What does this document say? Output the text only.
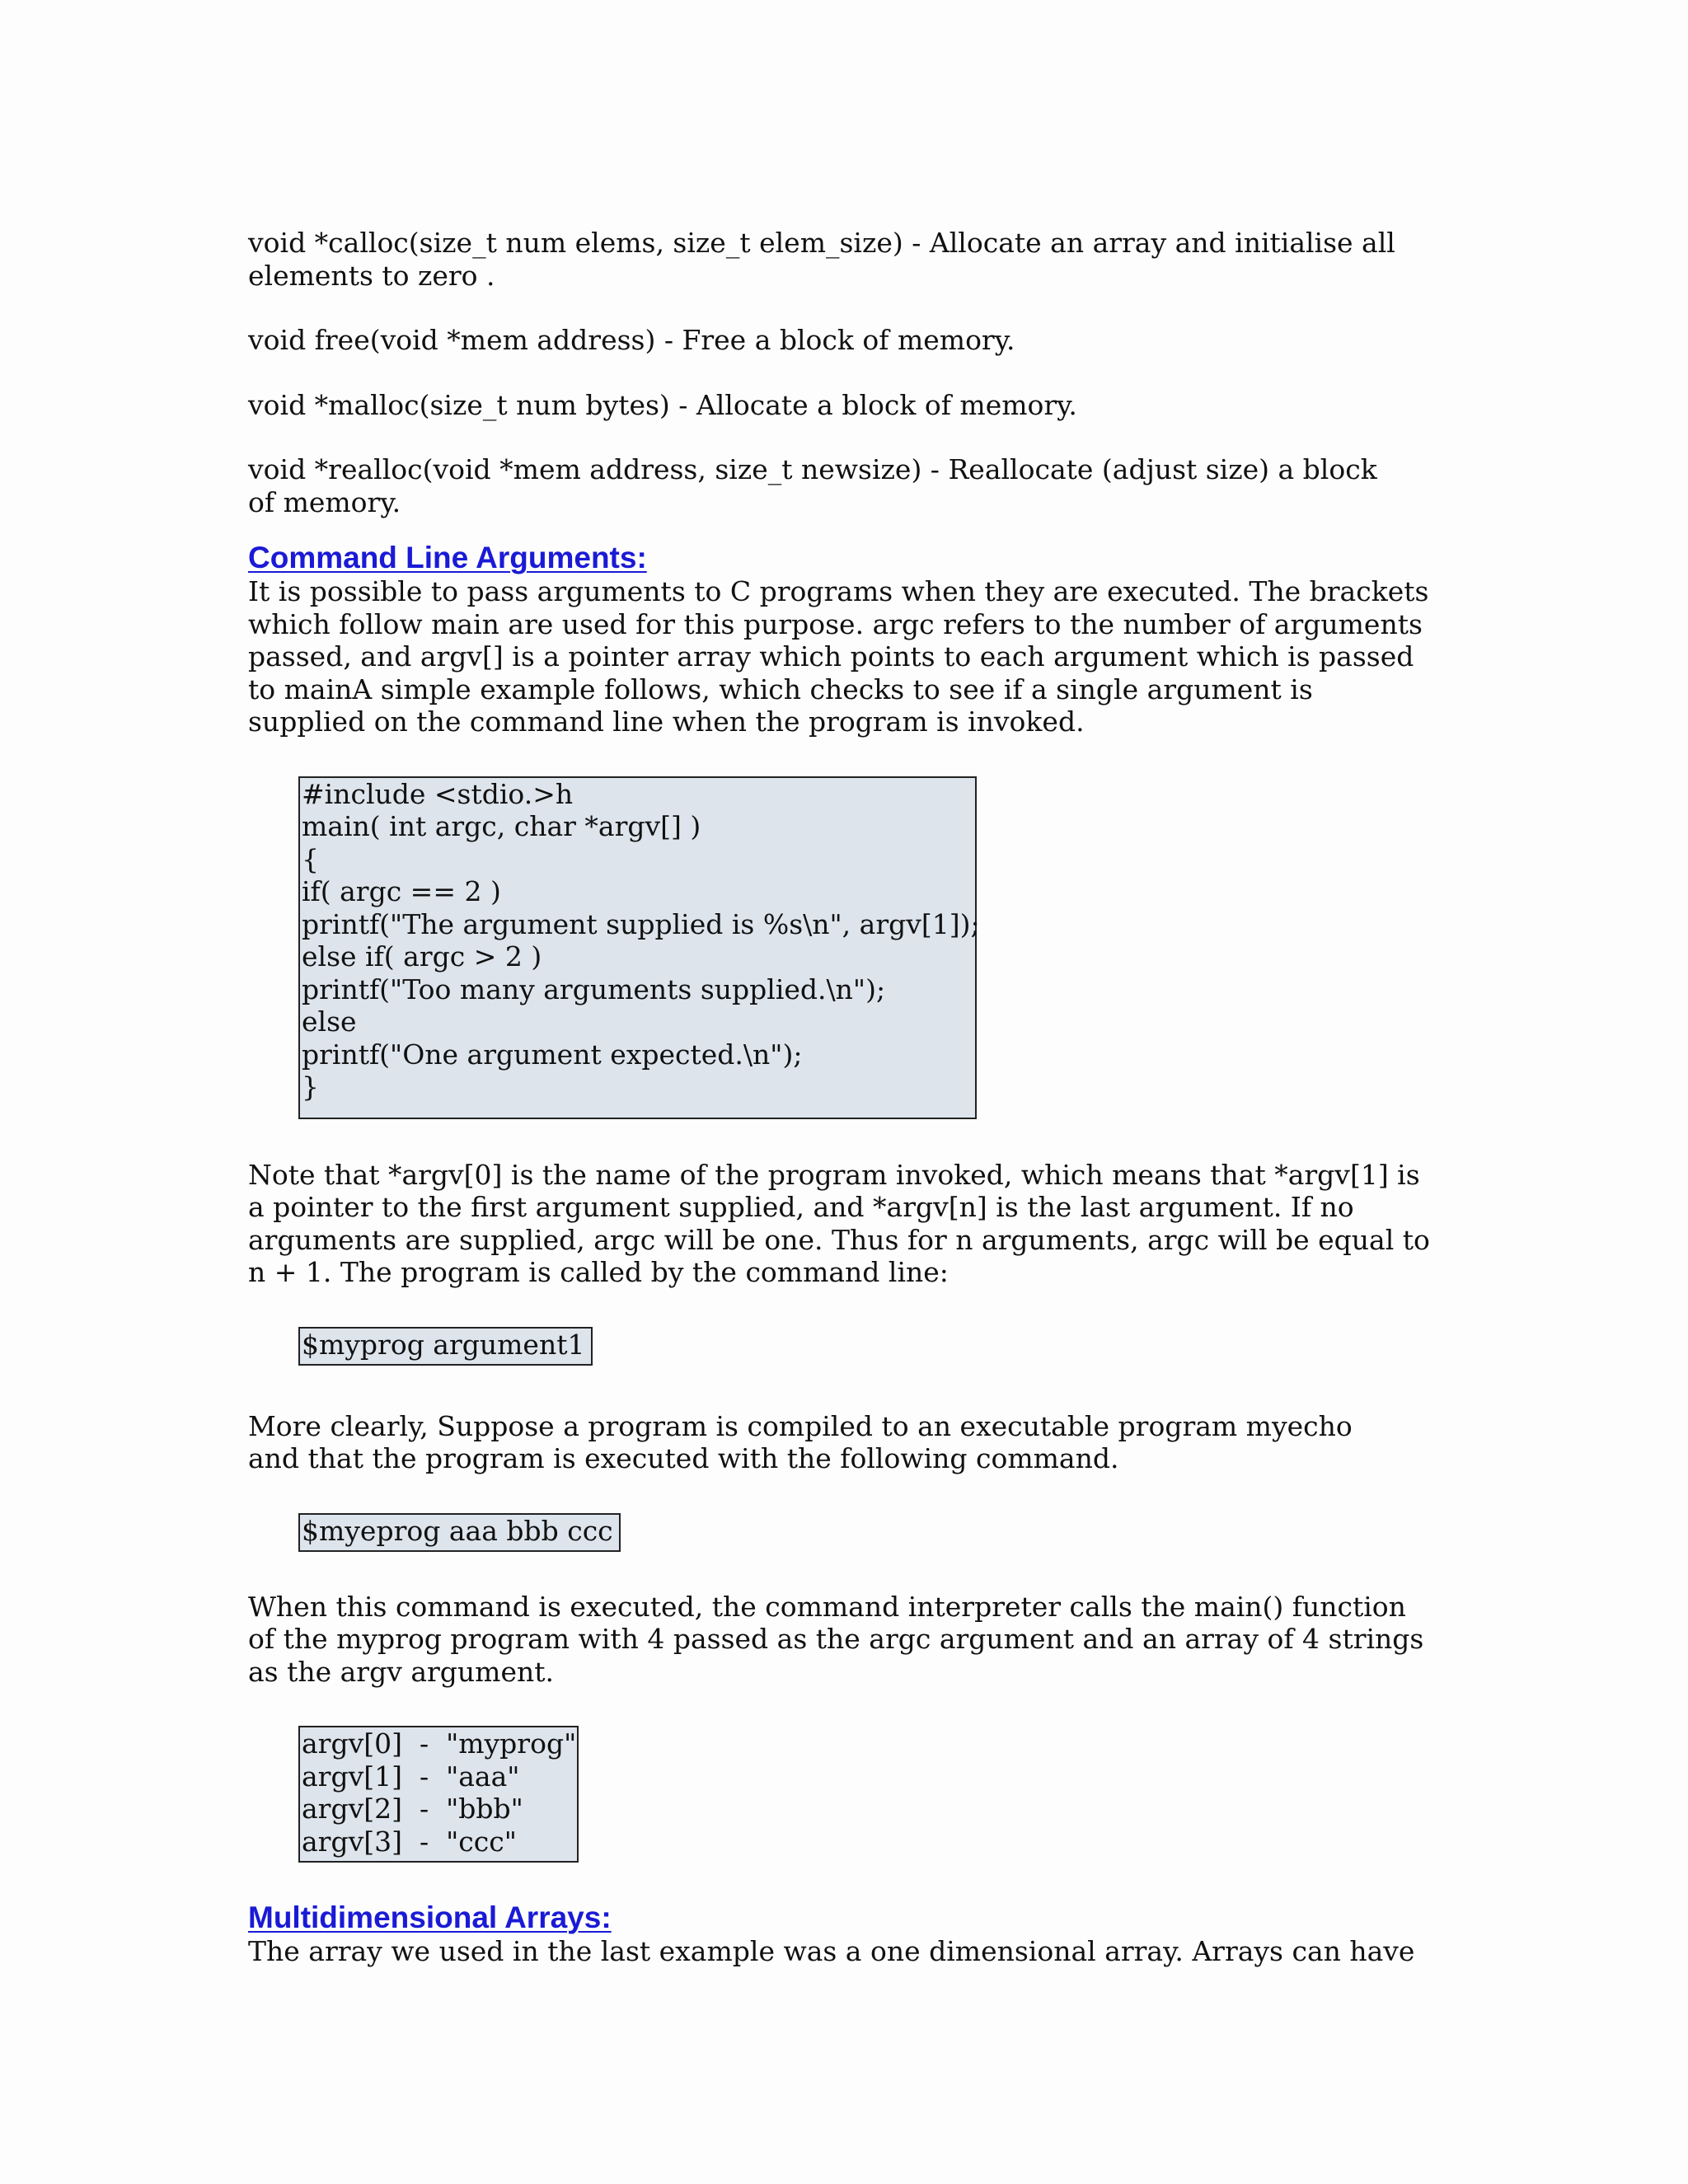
void *calloc(size_t num elems, size_t elem_size) - Allocate an array and initialise all elements to zero .

void free(void *mem address) - Free a block of memory.

void *malloc(size_t num bytes) - Allocate a block of memory.

void *realloc(void *mem address, size_t newsize) - Reallocate (adjust size) a block of memory.

Command Line Arguments:

It is possible to pass arguments to C programs when they are executed. The brackets which follow main are used for this purpose. argc refers to the number of arguments passed, and argv[] is a pointer array which points to each argument which is passed to mainA simple example follows, which checks to see if a single argument is supplied on the command line when the program is invoked.

#include <stdio.>h
main( int argc, char *argv[] )
{
if( argc == 2 )
printf("The argument supplied is %s\n", argv[1]);
else if( argc > 2 )
printf("Too many arguments supplied.\n");
else
printf("One argument expected.\n");
}

Note that *argv[0] is the name of the program invoked, which means that *argv[1] is a pointer to the first argument supplied, and *argv[n] is the last argument. If no arguments are supplied, argc will be one. Thus for n arguments, argc will be equal to n + 1. The program is called by the command line:

$myprog argument1

More clearly, Suppose a program is compiled to an executable program myecho and that the program is executed with the following command.

$myeprog aaa bbb ccc

When this command is executed, the command interpreter calls the main() function of the myprog program with 4 passed as the argc argument and an array of 4 strings as the argv argument.

argv[0]  -  "myprog"
argv[1]  -  "aaa"
argv[2]  -  "bbb"
argv[3]  -  "ccc"
Multidimensional Arrays:

The array we used in the last example was a one dimensional array. Arrays can have
